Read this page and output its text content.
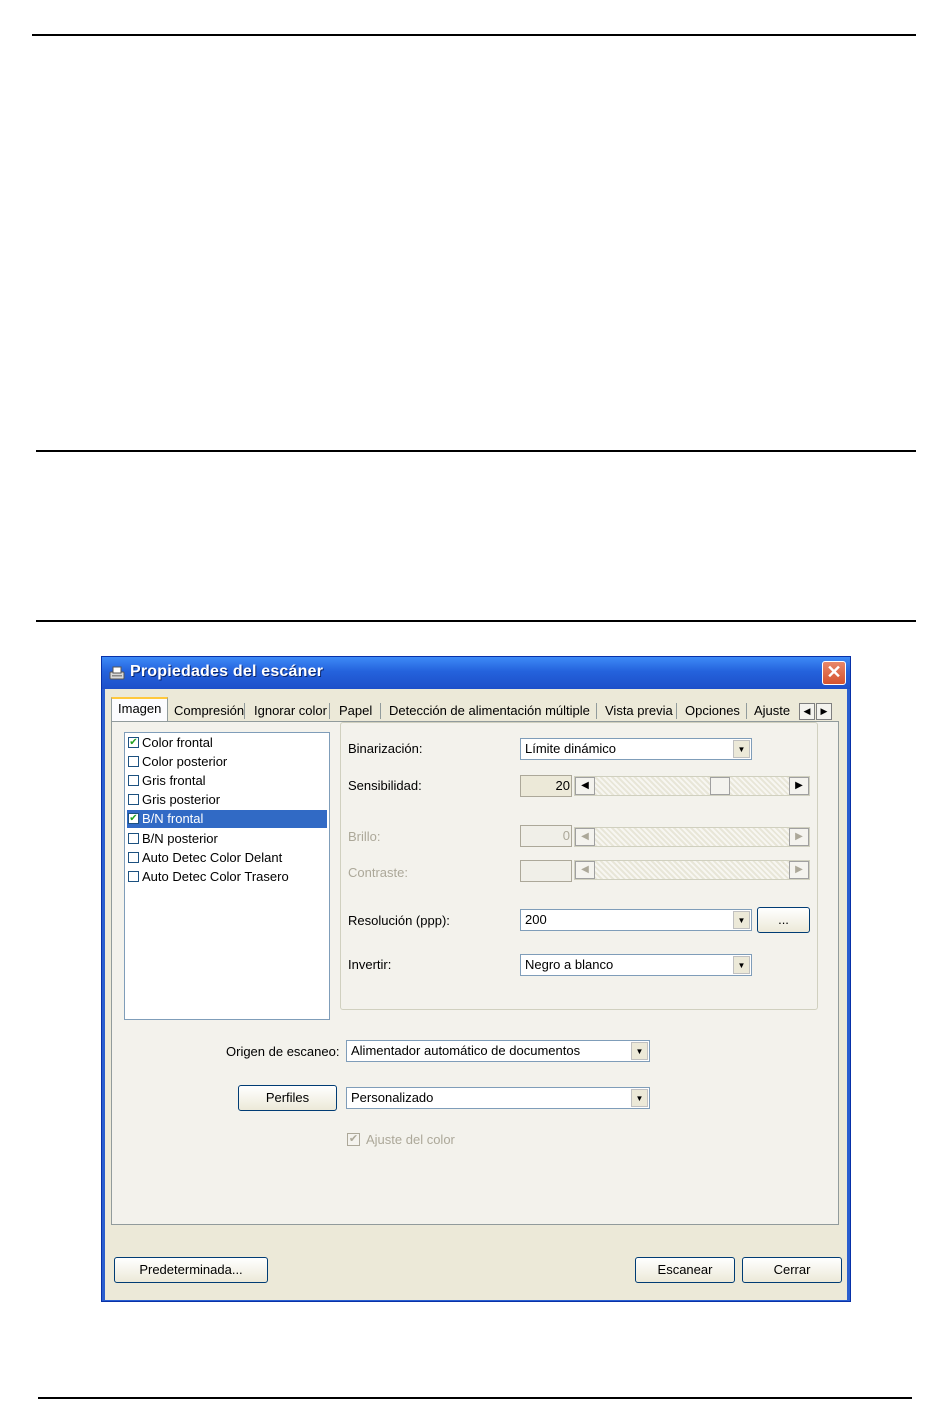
Propiedades del escáner	✕
Imagen Compresión Ignorar color Papel Detección de alimentación múltiple Vista previa Opciones Ajuste	◀	▶
✔ Color frontal
Color posterior
Gris frontal
Gris posterior
✔ B/N frontal
B/N posterior
Auto Detec Color Delant
Auto Detec Color Trasero
Binarización:	Límite dinámico	▼
Sensibilidad:	20	◀	▶
Brillo:	0	◀	▶
Contraste:	◀	▶
Resolución (ppp):	200	▼	...
Invertir:	Negro a blanco	▼
Origen de escaneo: Alimentador automático de documentos	▼
Perfiles	Personalizado	▼
✔ Ajuste del color
Predeterminada...	Escanear	Cerrar
